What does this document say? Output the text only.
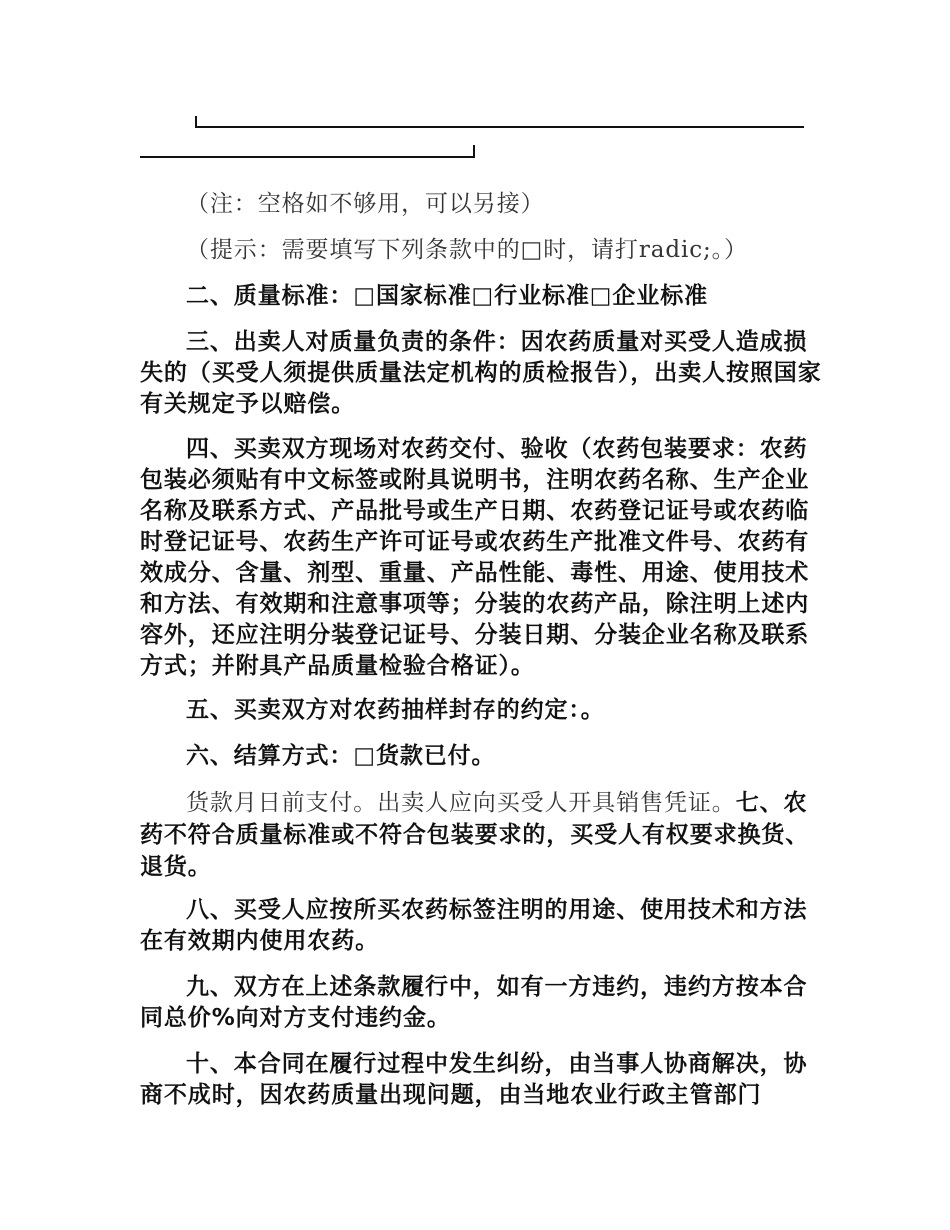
（注：空格如不够用，可以另接）

（提示：需要填写下列条款中的□时，请打radic;。）

二、质量标准：□国家标准□行业标准□企业标准

三、出卖人对质量负责的条件：因农药质量对买受人造成损失的（买受人须提供质量法定机构的质检报告），出卖人按照国家有关规定予以赔偿。

四、买卖双方现场对农药交付、验收（农药包装要求：农药包装必须贴有中文标签或附具说明书，注明农药名称、生产企业名称及联系方式、产品批号或生产日期、农药登记证号或农药临时登记证号、农药生产许可证号或农药生产批准文件号、农药有效成分、含量、剂型、重量、产品性能、毒性、用途、使用技术和方法、有效期和注意事项等；分装的农药产品，除注明上述内容外，还应注明分装登记证号、分装日期、分装企业名称及联系方式；并附具产品质量检验合格证）。

五、买卖双方对农药抽样封存的约定：。

六、结算方式：□货款已付。

货款月日前支付。出卖人应向买受人开具销售凭证。七、农药不符合质量标准或不符合包装要求的，买受人有权要求换货、退货。

八、买受人应按所买农药标签注明的用途、使用技术和方法在有效期内使用农药。

九、双方在上述条款履行中，如有一方违约，违约方按本合同总价%向对方支付违约金。

十、本合同在履行过程中发生纠纷，由当事人协商解决，协商不成时，因农药质量出现问题，由当地农业行政主管部门
